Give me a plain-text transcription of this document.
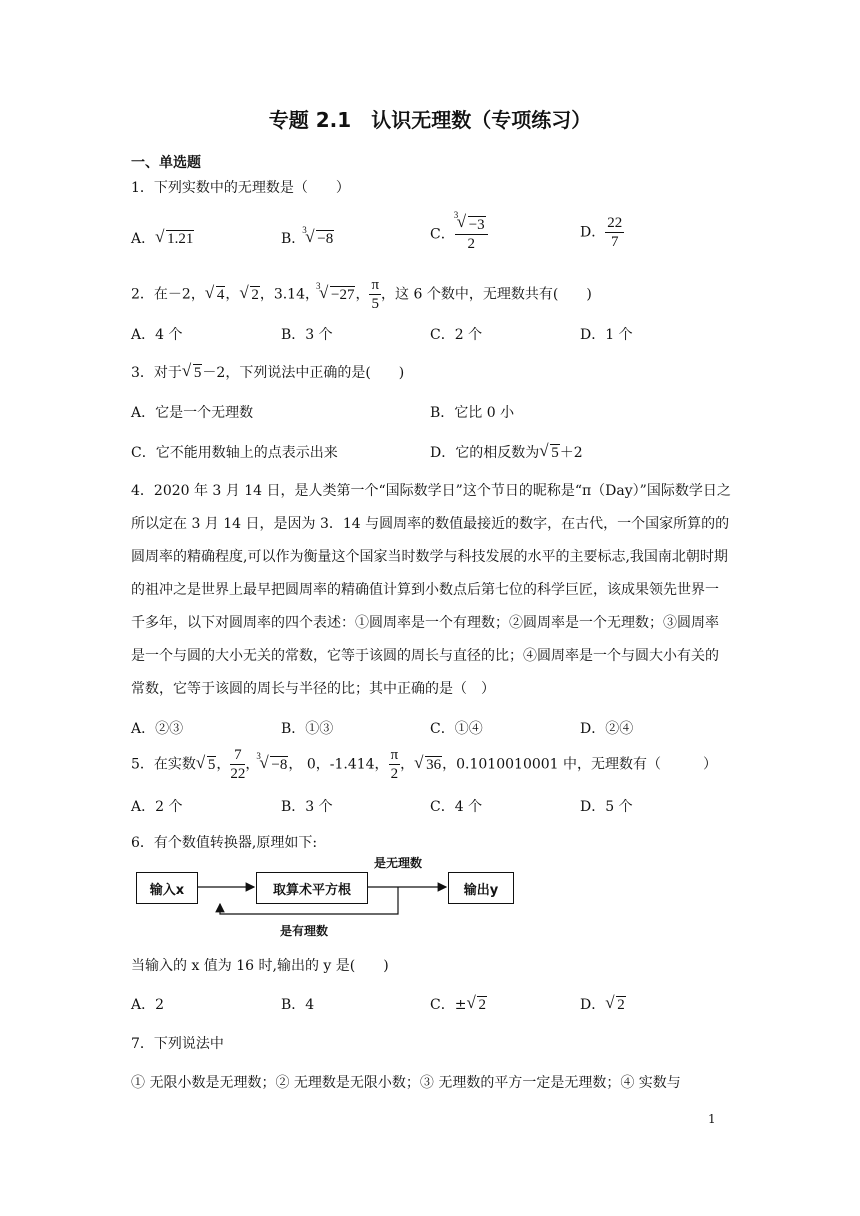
专题 2.1　认识无理数（专项练习）
一、单选题
1．下列实数中的无理数是（　　）
A． √ 1.21	B．
3
√ −8	C． 3
√ −3
2	D． $\frac{22}{7}$
2．在－2， √ 4， √ 2，3.14，
3
√ −27， $\frac{\pi}{5}$ ，这 6 个数中，无理数共有(　　)
A．4 个	B．3 个	C．2 个	D．1 个
3．对于 √ 5－2，下列说法中正确的是(　　)
A．它是一个无理数	B．它比 0 小
C．它不能用数轴上的点表示出来	D．它的相反数为 √ 5＋2
4．2020 年 3 月 14 日，是人类第一个“国际数学日”这个节日的昵称是“π（Day）”国际数学日之所以定在 3 月 14 日，是因为 3．14 与圆周率的数值最接近的数字，在古代，一个国家所算的的圆周率的精确程度,可以作为衡量这个国家当时数学与科技发展的水平的主要标志,我国南北朝时期的祖冲之是世界上最早把圆周率的精确值计算到小数点后第七位的科学巨匠，该成果领先世界一千多年，以下对圆周率的四个表述：①圆周率是一个有理数；②圆周率是一个无理数；③圆周率是一个与圆的大小无关的常数，它等于该圆的周长与直径的比；④圆周率是一个与圆大小有关的常数，它等于该圆的周长与半径的比；其中正确的是（　）
A．②③	B．①③	C．①④	D．②④
5．在实数 √ 5， $\frac{7}{22}$ ，
3
√ −8， 0，-1.414， $\frac{\pi}{2}$ ， √ 36，0.1010010001 中，无理数有（　　　）
A．2 个	B．3 个	C．4 个	D．5 个
6．有个数值转换器,原理如下:
输入x	取算术平方根	输出y
是无理数
是有理数
当输入的 x 值为 16 时,输出的 y 是(　　)
A．2	B．4	C．± √ 2	D． √ 2
7．下列说法中
① 无限小数是无理数；② 无理数是无限小数；③ 无理数的平方一定是无理数；④ 实数与
1
